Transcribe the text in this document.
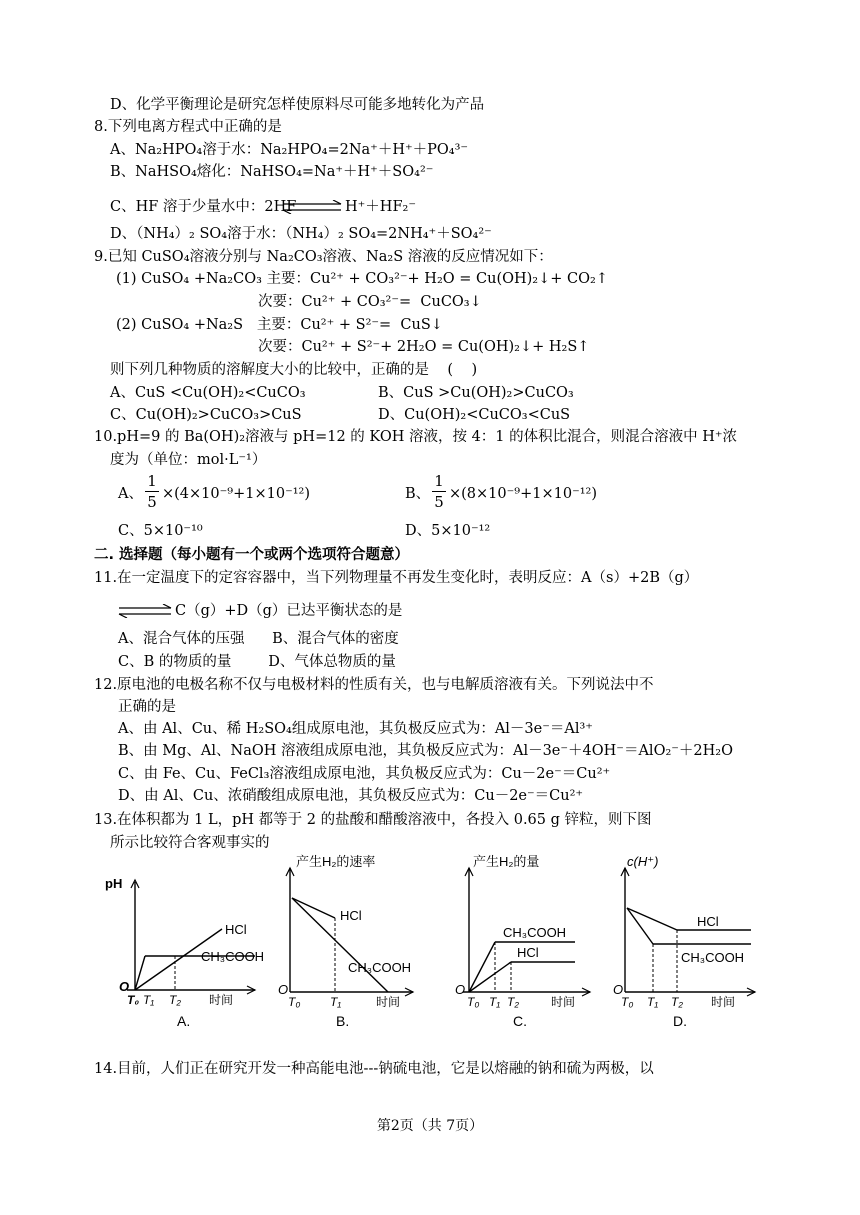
D、化学平衡理论是研究怎样使原料尽可能多地转化为产品
8.下列电离方程式中正确的是
A、Na₂HPO₄溶于水：Na₂HPO₄=2Na⁺＋H⁺＋PO₄³⁻
B、NaHSO₄熔化：NaHSO₄=Na⁺＋H⁺＋SO₄²⁻
C、HF 溶于少量水中：2HF ⇌ H⁺＋HF₂⁻
D、（NH₄）₂ SO₄溶于水：（NH₄）₂ SO₄=2NH₄⁺＋SO₄²⁻
9.已知 CuSO₄溶液分别与 Na₂CO₃溶液、Na₂S 溶液的反应情况如下：
(1) CuSO₄ +Na₂CO₃ 主要：Cu²⁺ + CO₃²⁻+ H₂O = Cu(OH)₂↓+ CO₂↑
次要：Cu²⁺ + CO₃²⁻=  CuCO₃↓
(2) CuSO₄ +Na₂S   主要：Cu²⁺ + S²⁻=  CuS↓
次要：Cu²⁺ + S²⁻+ 2H₂O = Cu(OH)₂↓+ H₂S↑
则下列几种物质的溶解度大小的比较中，正确的是    (    )
A、CuS <Cu(OH)₂<CuCO₃	B、CuS >Cu(OH)₂>CuCO₃
C、Cu(OH)₂>CuCO₃>CuS	D、Cu(OH)₂<CuCO₃<CuS
10.pH=9 的 Ba(OH)₂溶液与 pH=12 的 KOH 溶液，按 4：1 的体积比混合，则混合溶液中 H⁺浓
度为（单位：mol·L⁻¹）
A、
1
5 ×(4×10⁻⁹+1×10⁻¹²)	B、
1
5 ×(8×10⁻⁹+1×10⁻¹²)
C、5×10⁻¹⁰	D、5×10⁻¹²
二. 选择题（每小题有一个或两个选项符合题意）
11.在一定温度下的定容容器中，当下列物理量不再发生变化时，表明反应：A（s）+2B（g）
⇌ C（g）+D（g）已达平衡状态的是
A、混合气体的压强      B、混合气体的密度
C、B 的物质的量        D、气体总物质的量
12.原电池的电极名称不仅与电极材料的性质有关，也与电解质溶液有关。下列说法中不
正确的是
A、由 Al、Cu、稀 H₂SO₄组成原电池，其负极反应式为：Al－3e⁻＝Al³⁺
B、由 Mg、Al、NaOH 溶液组成原电池，其负极反应式为：Al－3e⁻＋4OH⁻＝AlO₂⁻＋2H₂O
C、由 Fe、Cu、FeCl₃溶液组成原电池，其负极反应式为：Cu－2e⁻＝Cu²⁺
D、由 Al、Cu、浓硝酸组成原电池，其负极反应式为：Cu－2e⁻＝Cu²⁺
13.在体积都为 1 L，pH 都等于 2 的盐酸和醋酸溶液中，各投入 0.65 g 锌粒，则下图
所示比较符合客观事实的
pH
HCl
CH₃COOH
O
T₀ T₁ T₂ 时间
A.
产生H₂的速率
HCl
CH₃COOH
O
T₀ T₁	时间
B.
产生H₂的量
CH₃COOH
HCl
O
T₀ T₁ T₂	时间
C.
c(H⁺)
HCl
CH₃COOH
O
T₀ T₁ T₂ 时间
D.
14.目前，人们正在研究开发一种高能电池---钠硫电池，它是以熔融的钠和硫为两极，以
第2页（共 7页）
